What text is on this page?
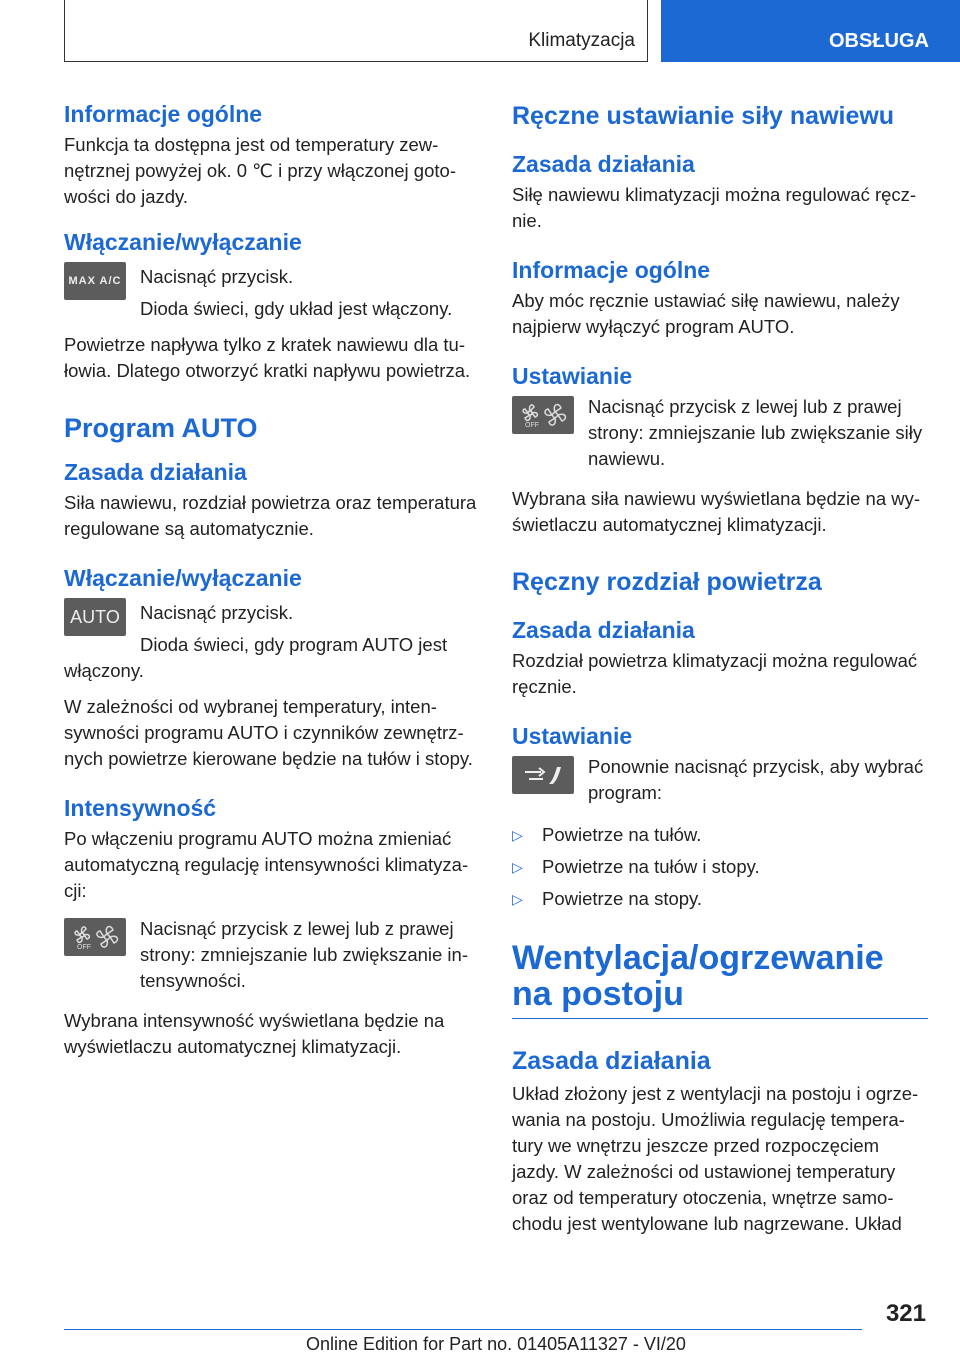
Klimatyzacja	OBSŁUGA
Informacje ogólne

Funkcja ta dostępna jest od temperatury zewnętrznej powyżej ok. 0 ℃ i przy włączonej gotowości do jazdy.

Włączanie/wyłączanie
MAX A/C Nacisnąć przycisk.

Dioda świeci, gdy układ jest włączony.

Powietrze napływa tylko z kratek nawiewu dla tułowia. Dlatego otworzyć kratki napływu powietrza.

Program AUTO
Zasada działania

Siła nawiewu, rozdział powietrza oraz temperatura regulowane są automatycznie.

Włączanie/wyłączanie
AUTO Nacisnąć przycisk.

Dioda świeci, gdy program AUTO jest włączony.

W zależności od wybranej temperatury, intensywności programu AUTO i czynników zewnętrznych powietrze kierowane będzie na tułów i stopy.

Intensywność

Po włączeniu programu AUTO można zmieniać automatyczną regulację intensywności klimatyzacji:

OFF

Nacisnąć przycisk z lewej lub z prawej strony: zmniejszanie lub zwiększanie intensywności.

Wybrana intensywność wyświetlana będzie na wyświetlaczu automatycznej klimatyzacji.

Ręczne ustawianie siły nawiewu
Zasada działania

Siłę nawiewu klimatyzacji można regulować ręcznie.

Informacje ogólne

Aby móc ręcznie ustawiać siłę nawiewu, należy najpierw wyłączyć program AUTO.

Ustawianie
OFF

Nacisnąć przycisk z lewej lub z prawej strony: zmniejszanie lub zwiększanie siły nawiewu.

Wybrana siła nawiewu wyświetlana będzie na wyświetlaczu automatycznej klimatyzacji.

Ręczny rozdział powietrza
Zasada działania

Rozdział powietrza klimatyzacji można regulować ręcznie.

Ustawianie

Ponownie nacisnąć przycisk, aby wybrać program:

▷	Powietrze na tułów.
▷	Powietrze na tułów i stopy.
▷	Powietrze na stopy.
Wentylacja/ogrzewanie na postoju
Zasada działania

Układ złożony jest z wentylacji na postoju i ogrzewania na postoju. Umożliwia regulację temperatury we wnętrzu jeszcze przed rozpoczęciem jazdy. W zależności od ustawionej temperatury oraz od temperatury otoczenia, wnętrze samochodu jest wentylowane lub nagrzewane. Układ

321
Online Edition for Part no. 01405A11327 - VI/20
